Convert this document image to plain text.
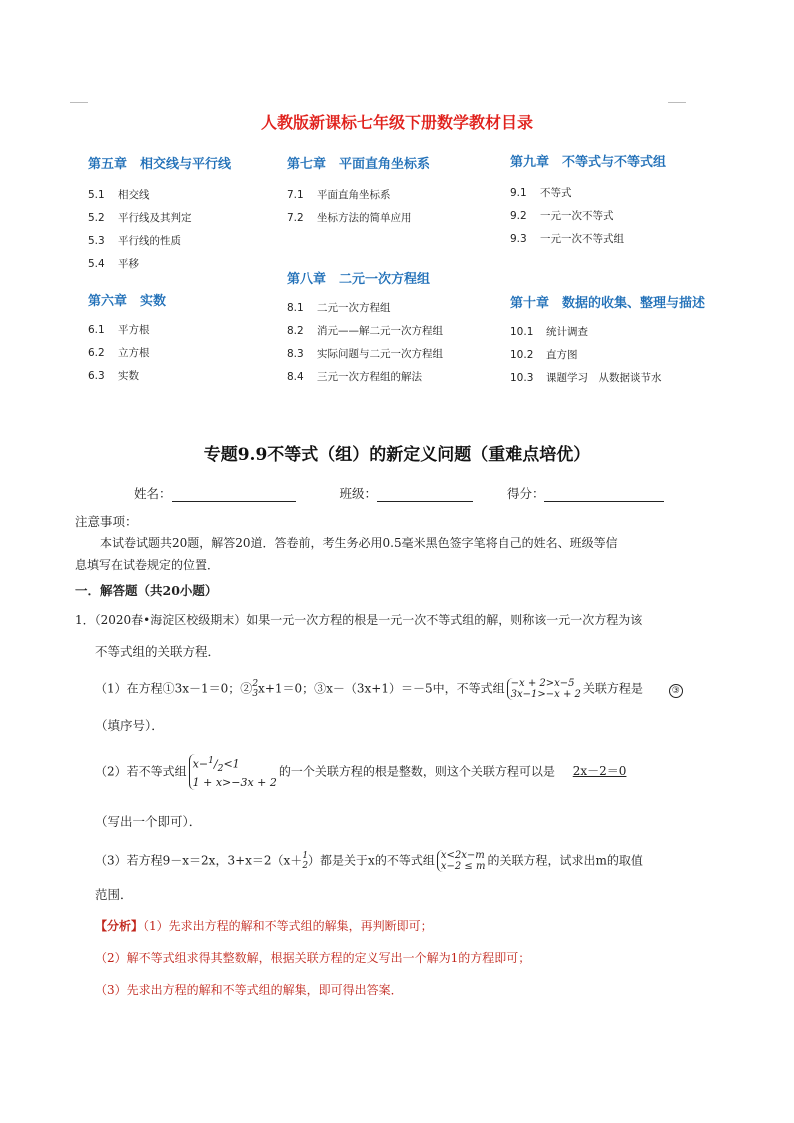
人教版新课标七年级下册数学教材目录
第五章　相交线与平行线
5.1 相交线
5.2 平行线及其判定
5.3 平行线的性质
5.4 平移
第六章　实数
6.1 平方根
6.2 立方根
6.3 实数
第七章　平面直角坐标系
7.1 平面直角坐标系
7.2 坐标方法的简单应用
第八章　二元一次方程组
8.1 二元一次方程组
8.2 消元——解二元一次方程组
8.3 实际问题与二元一次方程组
8.4 三元一次方程组的解法
第九章　不等式与不等式组
9.1 不等式
9.2 一元一次不等式
9.3 一元一次不等式组
第十章　数据的收集、整理与描述
10.1 统计调查
10.2 直方图
10.3 课题学习　从数据谈节水
专题9.9不等式（组）的新定义问题（重难点培优）
姓名：	班级：	得分：
注意事项：
本试卷试题共20题，解答20道．答卷前，考生务必用0.5毫米黑色签字笔将自己的姓名、班级等信
息填写在试卷规定的位置．
一．解答题（共20小题）
1．（2020春•海淀区校级期末）如果一元一次方程的根是一元一次不等式组的解，则称该一元一次方程为该
不等式组的关联方程．
（1）在方程①3x－1＝0；②2
3x+1＝0；③x－（3x+1）＝－5中，不等式组 −x + 2>x−5
3x−1>−x + 2 关联方程是	③
（填序号）．
（2）若不等式组$x-^1/_2<1$
1 + x>−3x + 2的一个关联方程的根是整数，则这个关联方程可以是 2x－2＝0
（写出一个即可）．
（3）若方程9－x＝2x，3+x＝2（x＋1
2）都是关于x的不等式组 x<2x−m
x−2 ≤ m 的关联方程，试求出m的取值
范围．
【分析】（1）先求出方程的解和不等式组的解集，再判断即可；
（2）解不等式组求得其整数解，根据关联方程的定义写出一个解为1的方程即可；
（3）先求出方程的解和不等式组的解集，即可得出答案．
